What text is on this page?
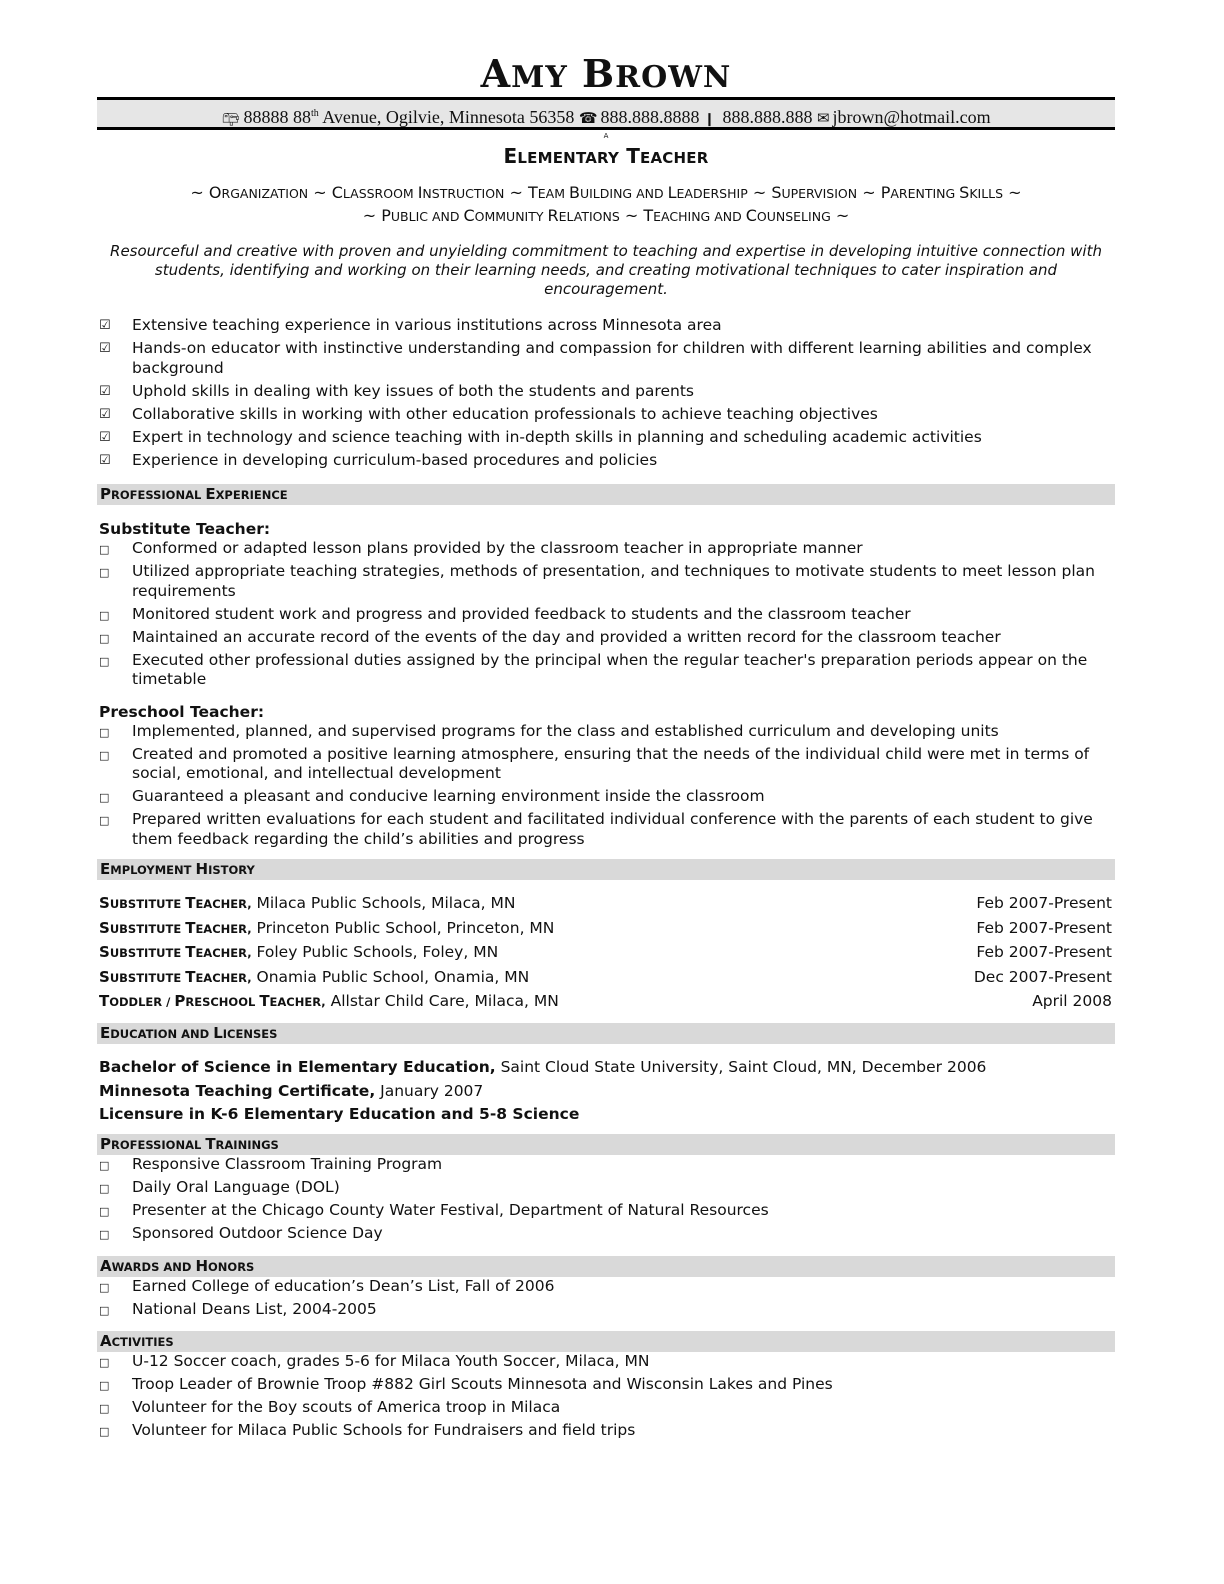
AMY BROWN
📪︎ 88888 88th Avenue, Ogilvie, Minnesota 56358 ☎ 888.888.8888 ❙ 888.888.888 ✉︎ jbrown@hotmail.com
A
ELEMENTARY TEACHER
~ ORGANIZATION ~ CLASSROOM INSTRUCTION ~ TEAM BUILDING AND LEADERSHIP ~ SUPERVISION ~ PARENTING SKILLS ~
~ PUBLIC AND COMMUNITY RELATIONS ~ TEACHING AND COUNSELING ~
Resourceful and creative with proven and unyielding commitment to teaching and expertise in developing intuitive connection with students, identifying and working on their learning needs, and creating motivational techniques to cater inspiration and encouragement.
☑ Extensive teaching experience in various institutions across Minnesota area
☑ Hands-on educator with instinctive understanding and compassion for children with different learning abilities and complex background
☑ Uphold skills in dealing with key issues of both the students and parents
☑ Collaborative skills in working with other education professionals to achieve teaching objectives
☑ Expert in technology and science teaching with in-depth skills in planning and scheduling academic activities
☑ Experience in developing curriculum-based procedures and policies
PROFESSIONAL EXPERIENCE
Substitute Teacher:
□	Conformed or adapted lesson plans provided by the classroom teacher in appropriate manner
□	Utilized appropriate teaching strategies, methods of presentation, and techniques to motivate students to meet lesson plan requirements
□	Monitored student work and progress and provided feedback to students and the classroom teacher
□	Maintained an accurate record of the events of the day and provided a written record for the classroom teacher
□	Executed other professional duties assigned by the principal when the regular teacher's preparation periods appear on the timetable
Preschool Teacher:
□	Implemented, planned, and supervised programs for the class and established curriculum and developing units
□	Created and promoted a positive learning atmosphere, ensuring that the needs of the individual child were met in terms of social, emotional, and intellectual development
□	Guaranteed a pleasant and conducive learning environment inside the classroom
□	Prepared written evaluations for each student and facilitated individual conference with the parents of each student to give them feedback regarding the child’s abilities and progress
EMPLOYMENT HISTORY
SUBSTITUTE TEACHER, Milaca Public Schools, Milaca, MN	Feb 2007-Present
SUBSTITUTE TEACHER, Princeton Public School, Princeton, MN	Feb 2007-Present
SUBSTITUTE TEACHER, Foley Public Schools, Foley, MN	Feb 2007-Present
SUBSTITUTE TEACHER, Onamia Public School, Onamia, MN	Dec 2007-Present
TODDLER / PRESCHOOL TEACHER, Allstar Child Care, Milaca, MN	April 2008
EDUCATION AND LICENSES
Bachelor of Science in Elementary Education, Saint Cloud State University, Saint Cloud, MN, December 2006
Minnesota Teaching Certificate, January 2007
Licensure in K-6 Elementary Education and 5-8 Science
PROFESSIONAL TRAININGS
□	Responsive Classroom Training Program
□	Daily Oral Language (DOL)
□	Presenter at the Chicago County Water Festival, Department of Natural Resources
□	Sponsored Outdoor Science Day
AWARDS AND HONORS
□	Earned College of education’s Dean’s List, Fall of 2006
□	National Deans List, 2004-2005
ACTIVITIES
□	U-12 Soccer coach, grades 5-6 for Milaca Youth Soccer, Milaca, MN
□	Troop Leader of Brownie Troop #882 Girl Scouts Minnesota and Wisconsin Lakes and Pines
□	Volunteer for the Boy scouts of America troop in Milaca
□	Volunteer for Milaca Public Schools for Fundraisers and field trips
